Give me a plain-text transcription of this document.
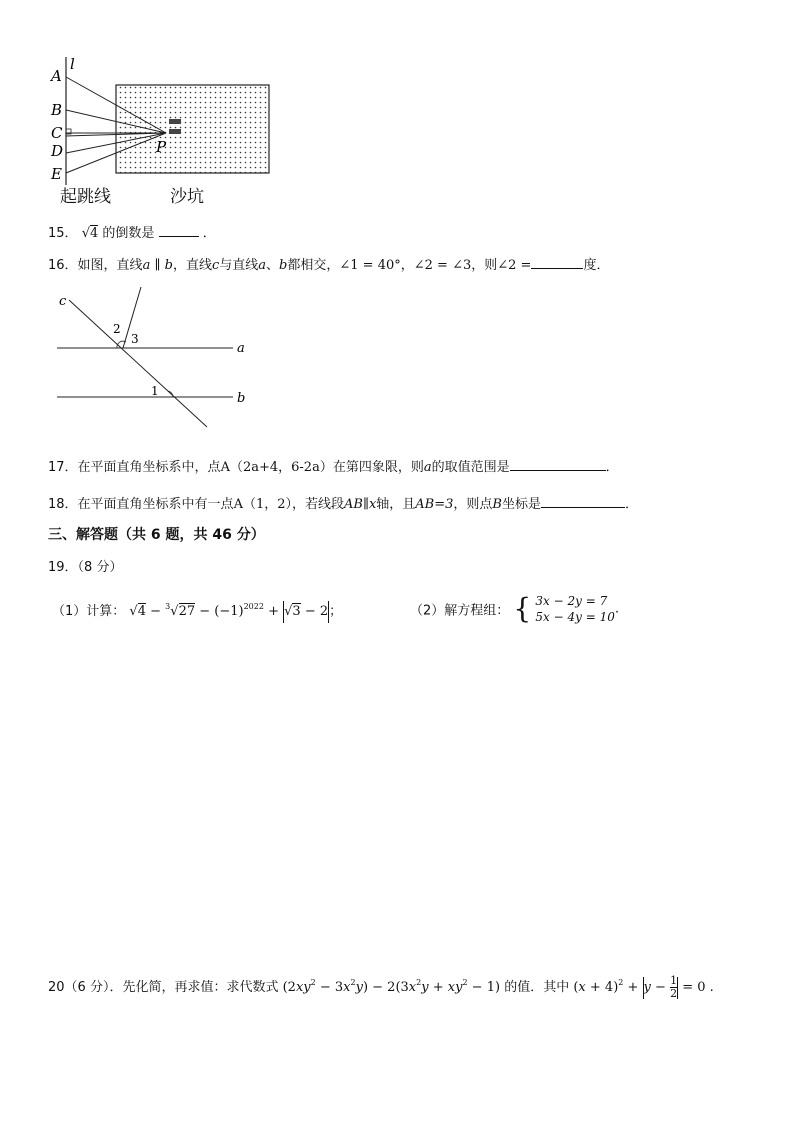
l
A
B
C
D
E
P
起跳线	沙坑
15． √4 的倒数是	．
16．如图，直线a ∥ b，直线c与直线a、b都相交，∠1 = 40°，∠2 = ∠3，则∠2 =	度．
c
a
b
1
2
3
17．在平面直角坐标系中，点A（2a+4，6-2a）在第四象限，则a的取值范围是	．
18．在平面直角坐标系中有一点A（1，2），若线段AB∥x轴，且AB=3，则点B坐标是	．
三、解答题（共 6 题，共 46 分）
19．（8 分）
（1）计算： $√4 - ^3√27 - (-1)^{2022} + √3 - 2$；	（2）解方程组： { 3x − 2y = 7
5x − 4y = 10
.
20（6 分）．先化简，再求值：求代数式 $(2xy^2 - 3x^2y) - 2(3x^2y + xy^2 - 1)$ 的值．其中 $(x + 4)^2 + y - \frac{1}{2} = 0$ .
